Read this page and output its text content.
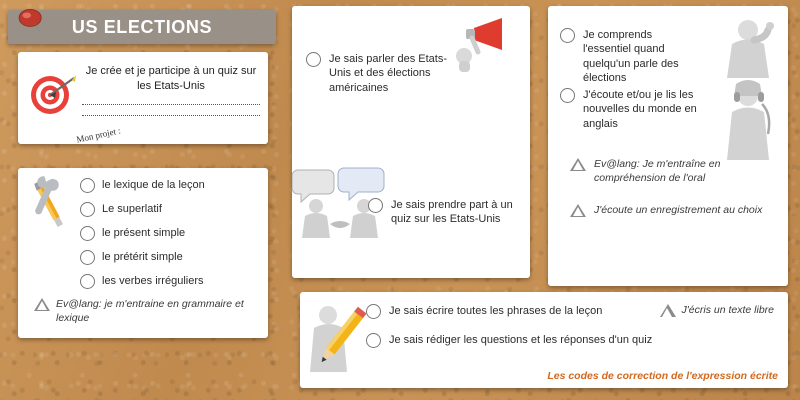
US ELECTIONS
Je crée et je participe à un quiz sur les Etats-Unis
Mon projet :
le lexique de la leçon
Le superlatif
le présent simple
le prétérit simple
les verbes irréguliers
Ev@lang: je m'entraine en grammaire et lexique
Je sais parler des Etats-Unis et des élections américaines
Je sais prendre part à un quiz sur les Etats-Unis
Je comprends l'essentiel quand quelqu'un parle des élections
J'écoute et/ou je lis les nouvelles du monde en anglais
Ev@lang: Je m'entraîne en compréhension de l'oral
J'écoute un enregistrement au choix
Je sais écrire toutes les phrases de la leçon
Je sais rédiger les questions et les réponses d'un quiz
J'écris un texte libre
Les codes de correction de l'expression écrite
